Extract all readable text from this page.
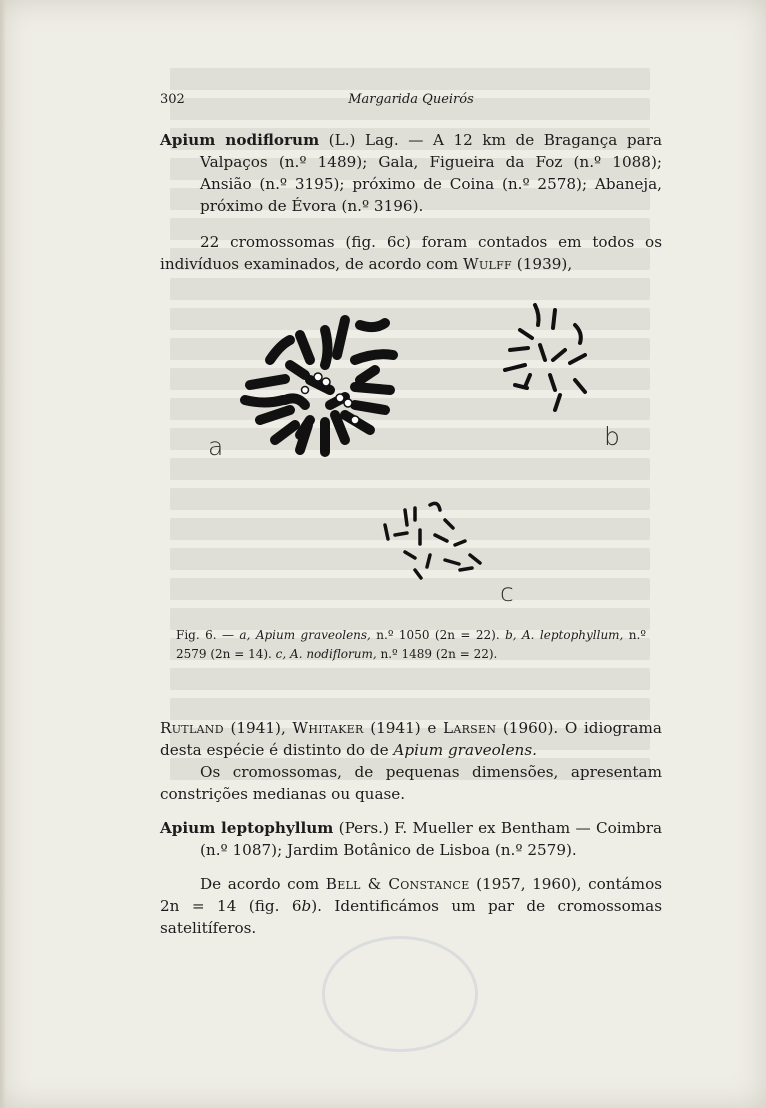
302	Margarida Queirós

Apium nodiflorum (L.) Lag. — A 12 km de Bragança para Valpaços (n.º 1489); Gala, Figueira da Foz (n.º 1088); Ansião (n.º 3195); próximo de Coina (n.º 2578); Abaneja, próximo de Évora (n.º 3196).

22 cromossomas (fig. 6c) foram contados em todos os indivíduos examinados, de acordo com Wulff (1939),

a	b
c
Fig. 6. — a, Apium graveolens, n.º 1050 (2n = 22). b, A. leptophyllum, n.º 2579 (2n = 14). c, A. nodiflorum, n.º 1489 (2n = 22).

Rutland (1941), Whitaker (1941) e Larsen (1960). O idiograma desta espécie é distinto do de Apium graveolens.

Os cromossomas, de pequenas dimensões, apresentam constrições medianas ou quase.

Apium leptophyllum (Pers.) F. Mueller ex Bentham — Coimbra (n.º 1087); Jardim Botânico de Lisboa (n.º 2579).

De acordo com Bell & Constance (1957, 1960), contámos 2n = 14 (fig. 6b). Identificámos um par de cromossomas satelitíferos.
